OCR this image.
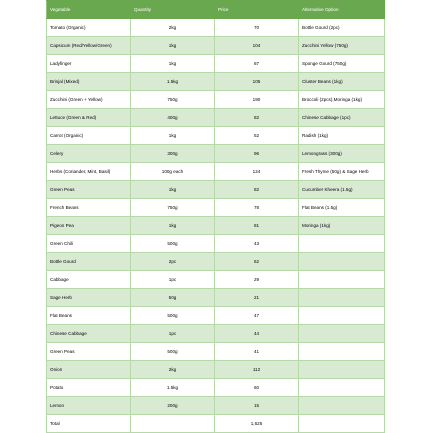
Vegetable	Quantity	Price	Alternative Option
Tomato (Organic)	2kg	70	Bottle Gourd (2pc)
Capsicum (Red/Yellow/Green)	1kg	104	Zucchini Yellow (750g)
Ladyfinger	1kg	87	Sponge Gourd (750g)
Brinjal (Mixed)	1.5kg	105	Cluster Beans (1kg)
Zucchini (Green + Yellow)	750g	190	Broccoli (2pcs),Moringa (1kg)
Lettuce (Green & Red)	400g	82	Chinese Cabbage (1pc)
Carrot (Organic)	1kg	52	Radish (1kg)
Celery	300g	96	Lemongrass (300g)
Herbs (Coriander, Mint, Basil)	100g each	124	Fresh Thyme (50g) & Sage Herb
Green Peas	1kg	82	Cucumber Kheera (1.5g)
French Beans	750g	78	Flat Beans (1.5g)
Pigeon Pea	1kg	81	Moringa (1kg)
Green Chili	500g	43	
Bottle Gourd	2pc	62	
Cabbage	1pc	29	
Sage Herb	50g	21	
Flat Beans	500g	47	
Chinese Cabbage	1pc	44	
Green Peas	500g	41	
Onion	2kg	112	
Potato	1.5kg	60	
Lemon	200g	15	
Total		1,625	
